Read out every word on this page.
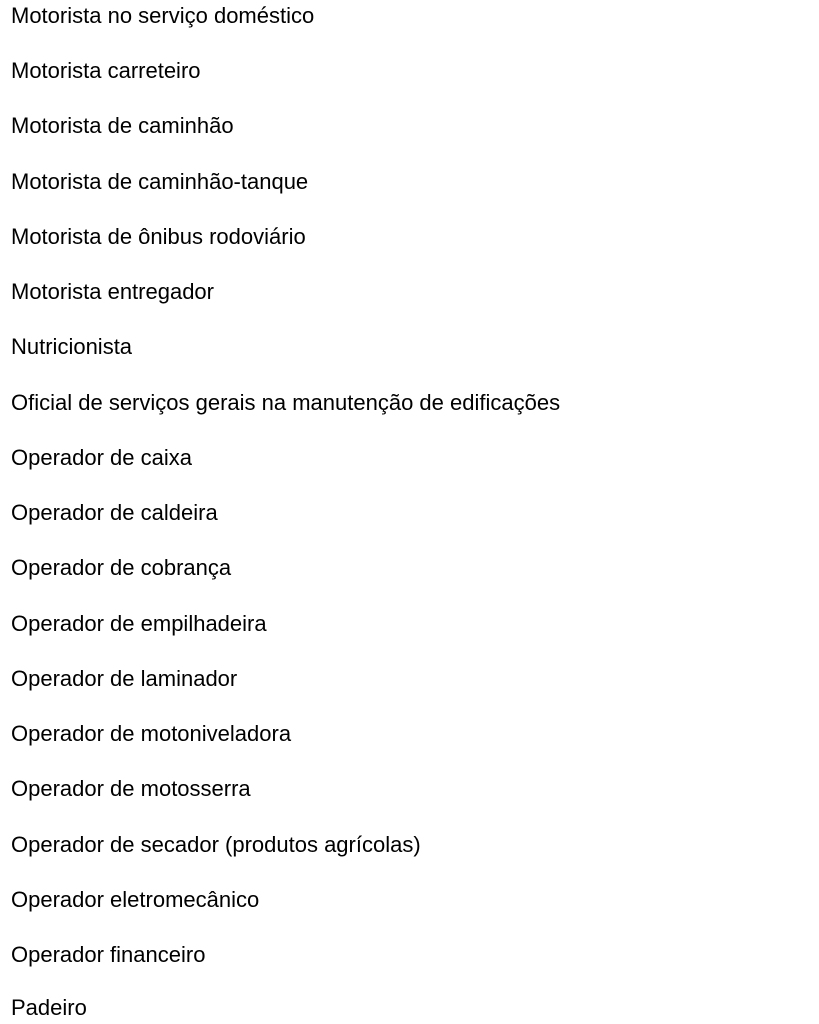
Motorista no serviço doméstico
Motorista carreteiro
Motorista de caminhão
Motorista de caminhão-tanque
Motorista de ônibus rodoviário
Motorista entregador
Nutricionista
Oficial de serviços gerais na manutenção de edificações
Operador de caixa
Operador de caldeira
Operador de cobrança
Operador de empilhadeira
Operador de laminador
Operador de motoniveladora
Operador de motosserra
Operador de secador (produtos agrícolas)
Operador eletromecânico
Operador financeiro
Padeiro
